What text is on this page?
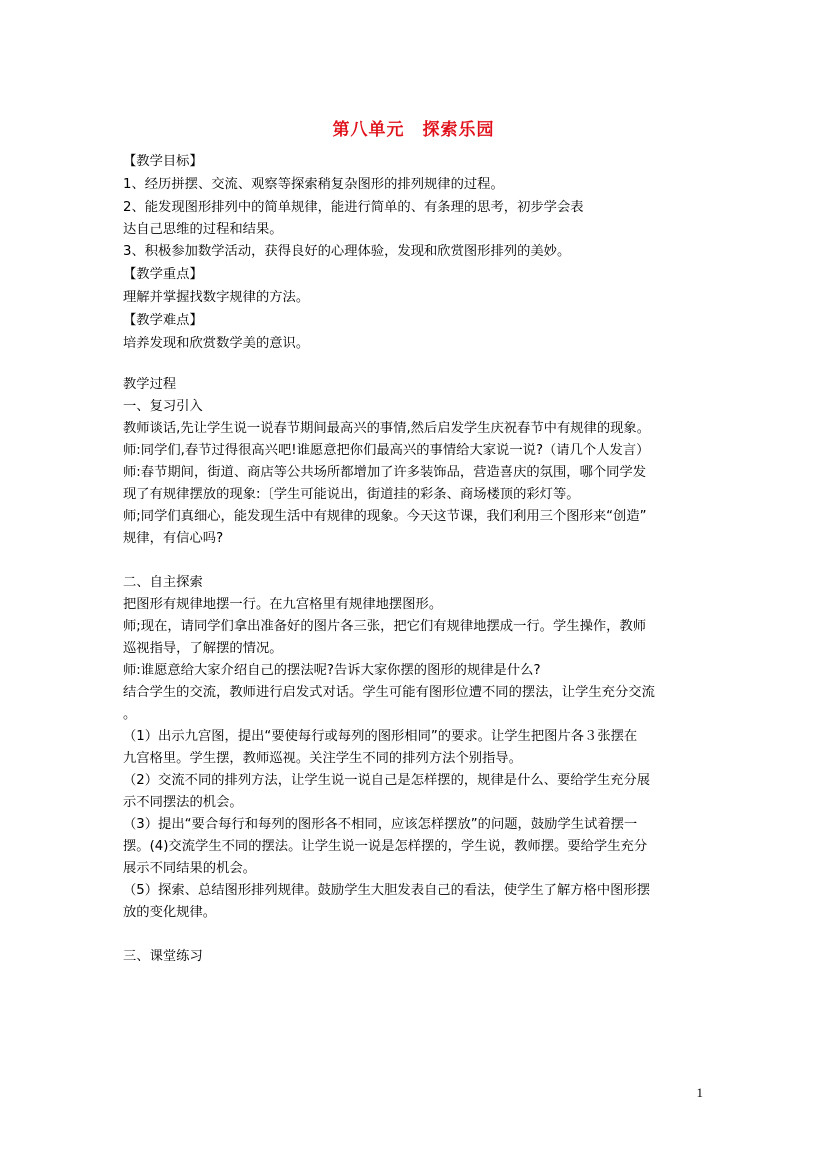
第八单元　探索乐园
【教学目标】
1、经历拼摆、交流、观察等探索稍复杂图形的排列规律的过程。
2、能发现图形排列中的简单规律，能进行简单的、有条理的思考，初步学会表
达自己思维的过程和结果。
3、积极参加数学活动，获得良好的心理体验，发现和欣赏图形排列的美妙。
【教学重点】
理解并掌握找数字规律的方法。
【教学难点】
培养发现和欣赏数学美的意识。
教学过程
一、复习引入
教师谈话,先让学生说一说春节期间最高兴的事情,然后启发学生庆祝春节中有规律的现象。
师:同学们,春节过得很高兴吧!谁愿意把你们最高兴的事情给大家说一说?（请几个人发言）
师:春节期间，街道、商店等公共场所都增加了许多装饰品，营造喜庆的氛围，哪个同学发
现了有规律摆放的现象:〔学生可能说出，街道挂的彩条、商场楼顶的彩灯等。
师;同学们真细心，能发现生活中有规律的现象。今天这节课，我们利用三个图形来“创造”
规律，有信心吗?
二、自主探索
把图形有规律地摆一行。在九宫格里有规律地摆图形。
师;现在，请同学们拿出准备好的图片各三张，把它们有规律地摆成一行。学生操作，教师
巡视指导，了解摆的情况。
师:谁愿意给大家介绍自己的摆法呢?告诉大家你摆的图形的规律是什么?
结合学生的交流，教师进行启发式对话。学生可能有图形位遭不同的摆法，让学生充分交流
。
（1）出示九宫图，提出“要使每行或每列的图形相同”的要求。让学生把图片各３张摆在
九宫格里。学生摆，教师巡视。关注学生不同的排列方法个别指导。
（2）交流不同的排列方法，让学生说一说自己是怎样摆的，规律是什么、要给学生充分展
示不同摆法的机会。
（3）提出“要合每行和每列的图形各不相同，应该怎样摆放”的问题，鼓励学生试着摆一
摆。(4)交流学生不同的摆法。让学生说一说是怎样摆的，学生说，教师摆。要给学生充分
展示不同结果的机会。
（5）探索、总结图形排列规律。鼓励学生大胆发表自己的看法，使学生了解方格中图形摆
放的变化规律。
三、课堂练习
1
